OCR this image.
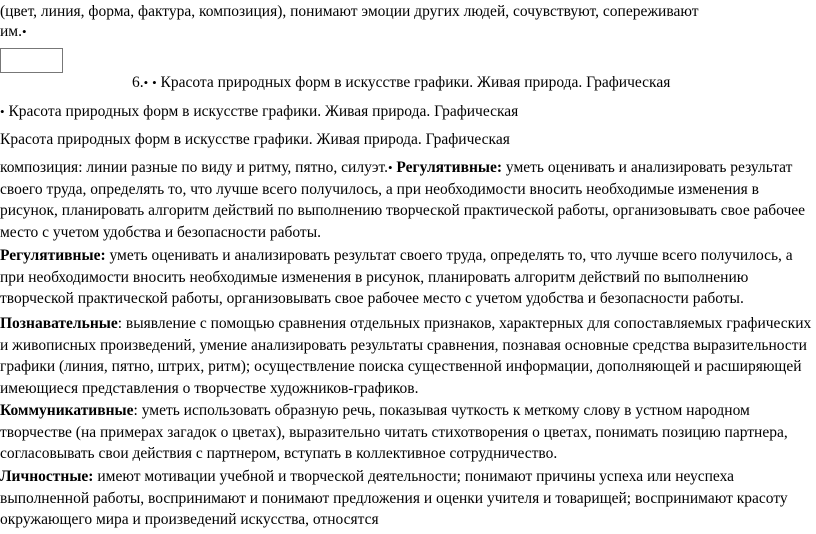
(цвет, линия, форма, фактура, композиция), понимают эмоции других людей, сочувствуют, сопереживают
им.•
6.• • Красота природных форм в искусстве графики. Живая природа. Графическая
• Красота природных форм в искусстве графики. Живая природа. Графическая
Красота природных форм в искусстве графики. Живая природа. Графическая
композиция: линии разные по виду и ритму, пятно, силуэт.• Регулятивные: уметь оценивать и анализировать результат своего труда, определять то, что лучше всего получилось, а при необходимости вносить необходимые изменения в рисунок, планировать алгоритм действий по выполнению творческой практической работы, организовывать свое рабочее место с учетом удобства и безопасности работы.
Регулятивные: уметь оценивать и анализировать результат своего труда, определять то, что лучше всего получилось, а при необходимости вносить необходимые изменения в рисунок, планировать алгоритм действий по выполнению творческой практической работы, организовывать свое рабочее место с учетом удобства и безопасности работы.
Познавательные: выявление с помощью сравнения отдельных признаков, характерных для сопоставляемых графических и живописных произведений, умение анализировать результаты сравнения, познавая основные средства выразительности графики (линия, пятно, штрих, ритм); осуществление поиска существенной информации, дополняющей и расширяющей имеющиеся представления о творчестве художников-графиков.
Коммуникативные: уметь использовать образную речь, показывая чуткость к меткому слову в устном народном творчестве (на примерах загадок о цветах), выразительно читать стихотворения о цветах, понимать позицию партнера, согласовывать свои действия с партнером, вступать в коллективное сотрудничество.
Личностные: имеют мотивации учебной и творческой деятельности; понимают причины успеха или неуспеха выполненной работы, воспринимают и понимают предложения и оценки учителя и товарищей; воспринимают красоту окружающего мира и произведений искусства, относятся
